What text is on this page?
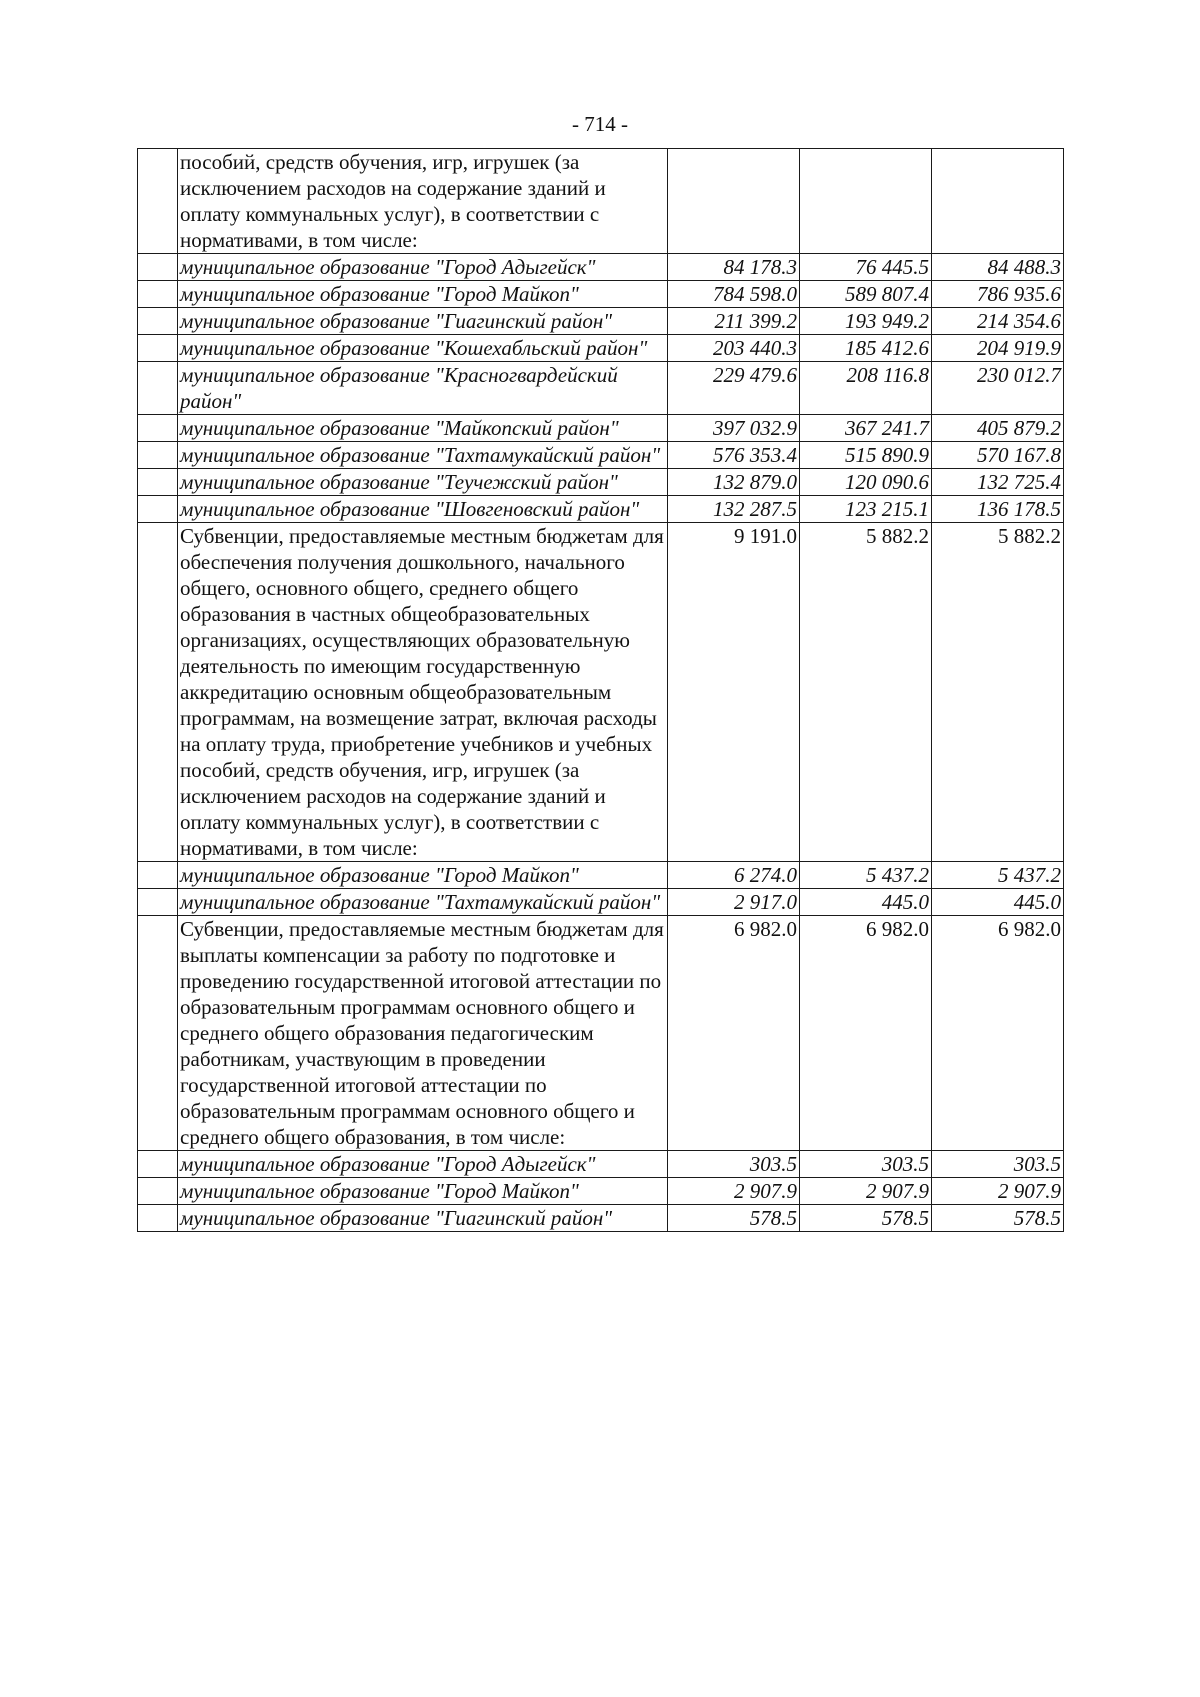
- 714 -
	пособий, средств обучения, игр, игрушек (за исключением расходов на содержание зданий и оплату коммунальных услуг), в соответствии с нормативами, в том числе:			
	муниципальное образование "Город Адыгейск"	84 178.3	76 445.5	84 488.3
	муниципальное образование "Город Майкоп"	784 598.0	589 807.4	786 935.6
	муниципальное образование "Гиагинский район"	211 399.2	193 949.2	214 354.6
	муниципальное образование "Кошехабльский район"	203 440.3	185 412.6	204 919.9
	муниципальное образование "Красногвардейский район"	229 479.6	208 116.8	230 012.7
	муниципальное образование "Майкопский район"	397 032.9	367 241.7	405 879.2
	муниципальное образование "Тахтамукайский район"	576 353.4	515 890.9	570 167.8
	муниципальное образование "Теучежский район"	132 879.0	120 090.6	132 725.4
	муниципальное образование "Шовгеновский район"	132 287.5	123 215.1	136 178.5
	Субвенции, предоставляемые местным бюджетам для обеспечения получения дошкольного, начального общего, основного общего, среднего общего образования в частных общеобразовательных организациях, осуществляющих образовательную деятельность по имеющим государственную аккредитацию основным общеобразовательным программам, на возмещение затрат, включая расходы на оплату труда, приобретение учебников и учебных пособий, средств обучения, игр, игрушек (за исключением расходов на содержание зданий и оплату коммунальных услуг), в соответствии с нормативами, в том числе:	9 191.0	5 882.2	5 882.2
	муниципальное образование "Город Майкоп"	6 274.0	5 437.2	5 437.2
	муниципальное образование "Тахтамукайский район"	2 917.0	445.0	445.0
	Субвенции, предоставляемые местным бюджетам для выплаты компенсации за работу по подготовке и проведению государственной итоговой аттестации по образовательным программам основного общего и среднего общего образования педагогическим работникам, участвующим в проведении государственной итоговой аттестации по образовательным программам основного общего и среднего общего образования, в том числе:	6 982.0	6 982.0	6 982.0
	муниципальное образование "Город Адыгейск"	303.5	303.5	303.5
	муниципальное образование "Город Майкоп"	2 907.9	2 907.9	2 907.9
	муниципальное образование "Гиагинский район"	578.5	578.5	578.5
